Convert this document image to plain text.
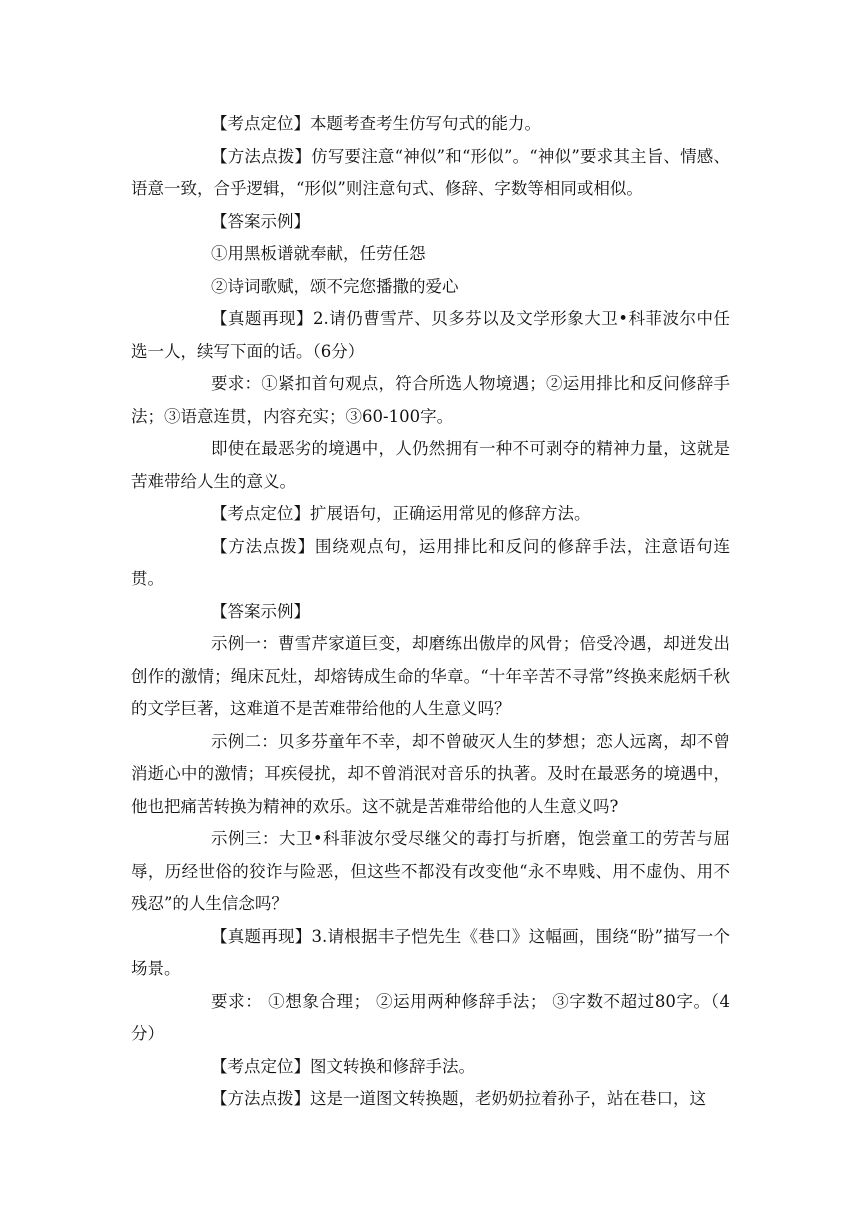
【考点定位】本题考查考生仿写句式的能力。

【方法点拨】仿写要注意“神似”和“形似”。“神似”要求其主旨、情感、语意一致，合乎逻辑，“形似”则注意句式、修辞、字数等相同或相似。

【答案示例】

①用黑板谱就奉献，任劳任怨

②诗词歌赋，颂不完您播撒的爱心

【真题再现】2.请仍曹雪芹、贝多芬以及文学形象大卫•科菲波尔中任选一人，续写下面的话。（6分）

要求：①紧扣首句观点，符合所选人物境遇；②运用排比和反问修辞手法；③语意连贯，内容充实；③60-100字。

即使在最恶劣的境遇中，人仍然拥有一种不可剥夺的精神力量，这就是苦难带给人生的意义。

【考点定位】扩展语句，正确运用常见的修辞方法。

【方法点拨】围绕观点句，运用排比和反问的修辞手法，注意语句连贯。

【答案示例】

示例一：曹雪芹家道巨变，却磨练出傲岸的风骨；倍受冷遇，却迸发出创作的激情；绳床瓦灶，却熔铸成生命的华章。“十年辛苦不寻常”终换来彪炳千秋的文学巨著，这难道不是苦难带给他的人生意义吗？

示例二：贝多芬童年不幸，却不曾破灭人生的梦想；恋人远离，却不曾消逝心中的激情；耳疾侵扰，却不曾消泯对音乐的执著。及时在最恶务的境遇中，他也把痛苦转换为精神的欢乐。这不就是苦难带给他的人生意义吗?

示例三：大卫•科菲波尔受尽继父的毒打与折磨，饱尝童工的劳苦与屈辱，历经世俗的狡诈与险恶，但这些不都没有改变他“永不卑贱、用不虚伪、用不残忍”的人生信念吗？

【真题再现】3.请根据丰子恺先生《巷口》这幅画，围绕“盼”描写一个场景。

要求： ①想象合理； ②运用两种修辞手法； ③字数不超过80字。（4分）

【考点定位】图文转换和修辞手法。

【方法点拨】这是一道图文转换题，老奶奶拉着孙子，站在巷口，这
